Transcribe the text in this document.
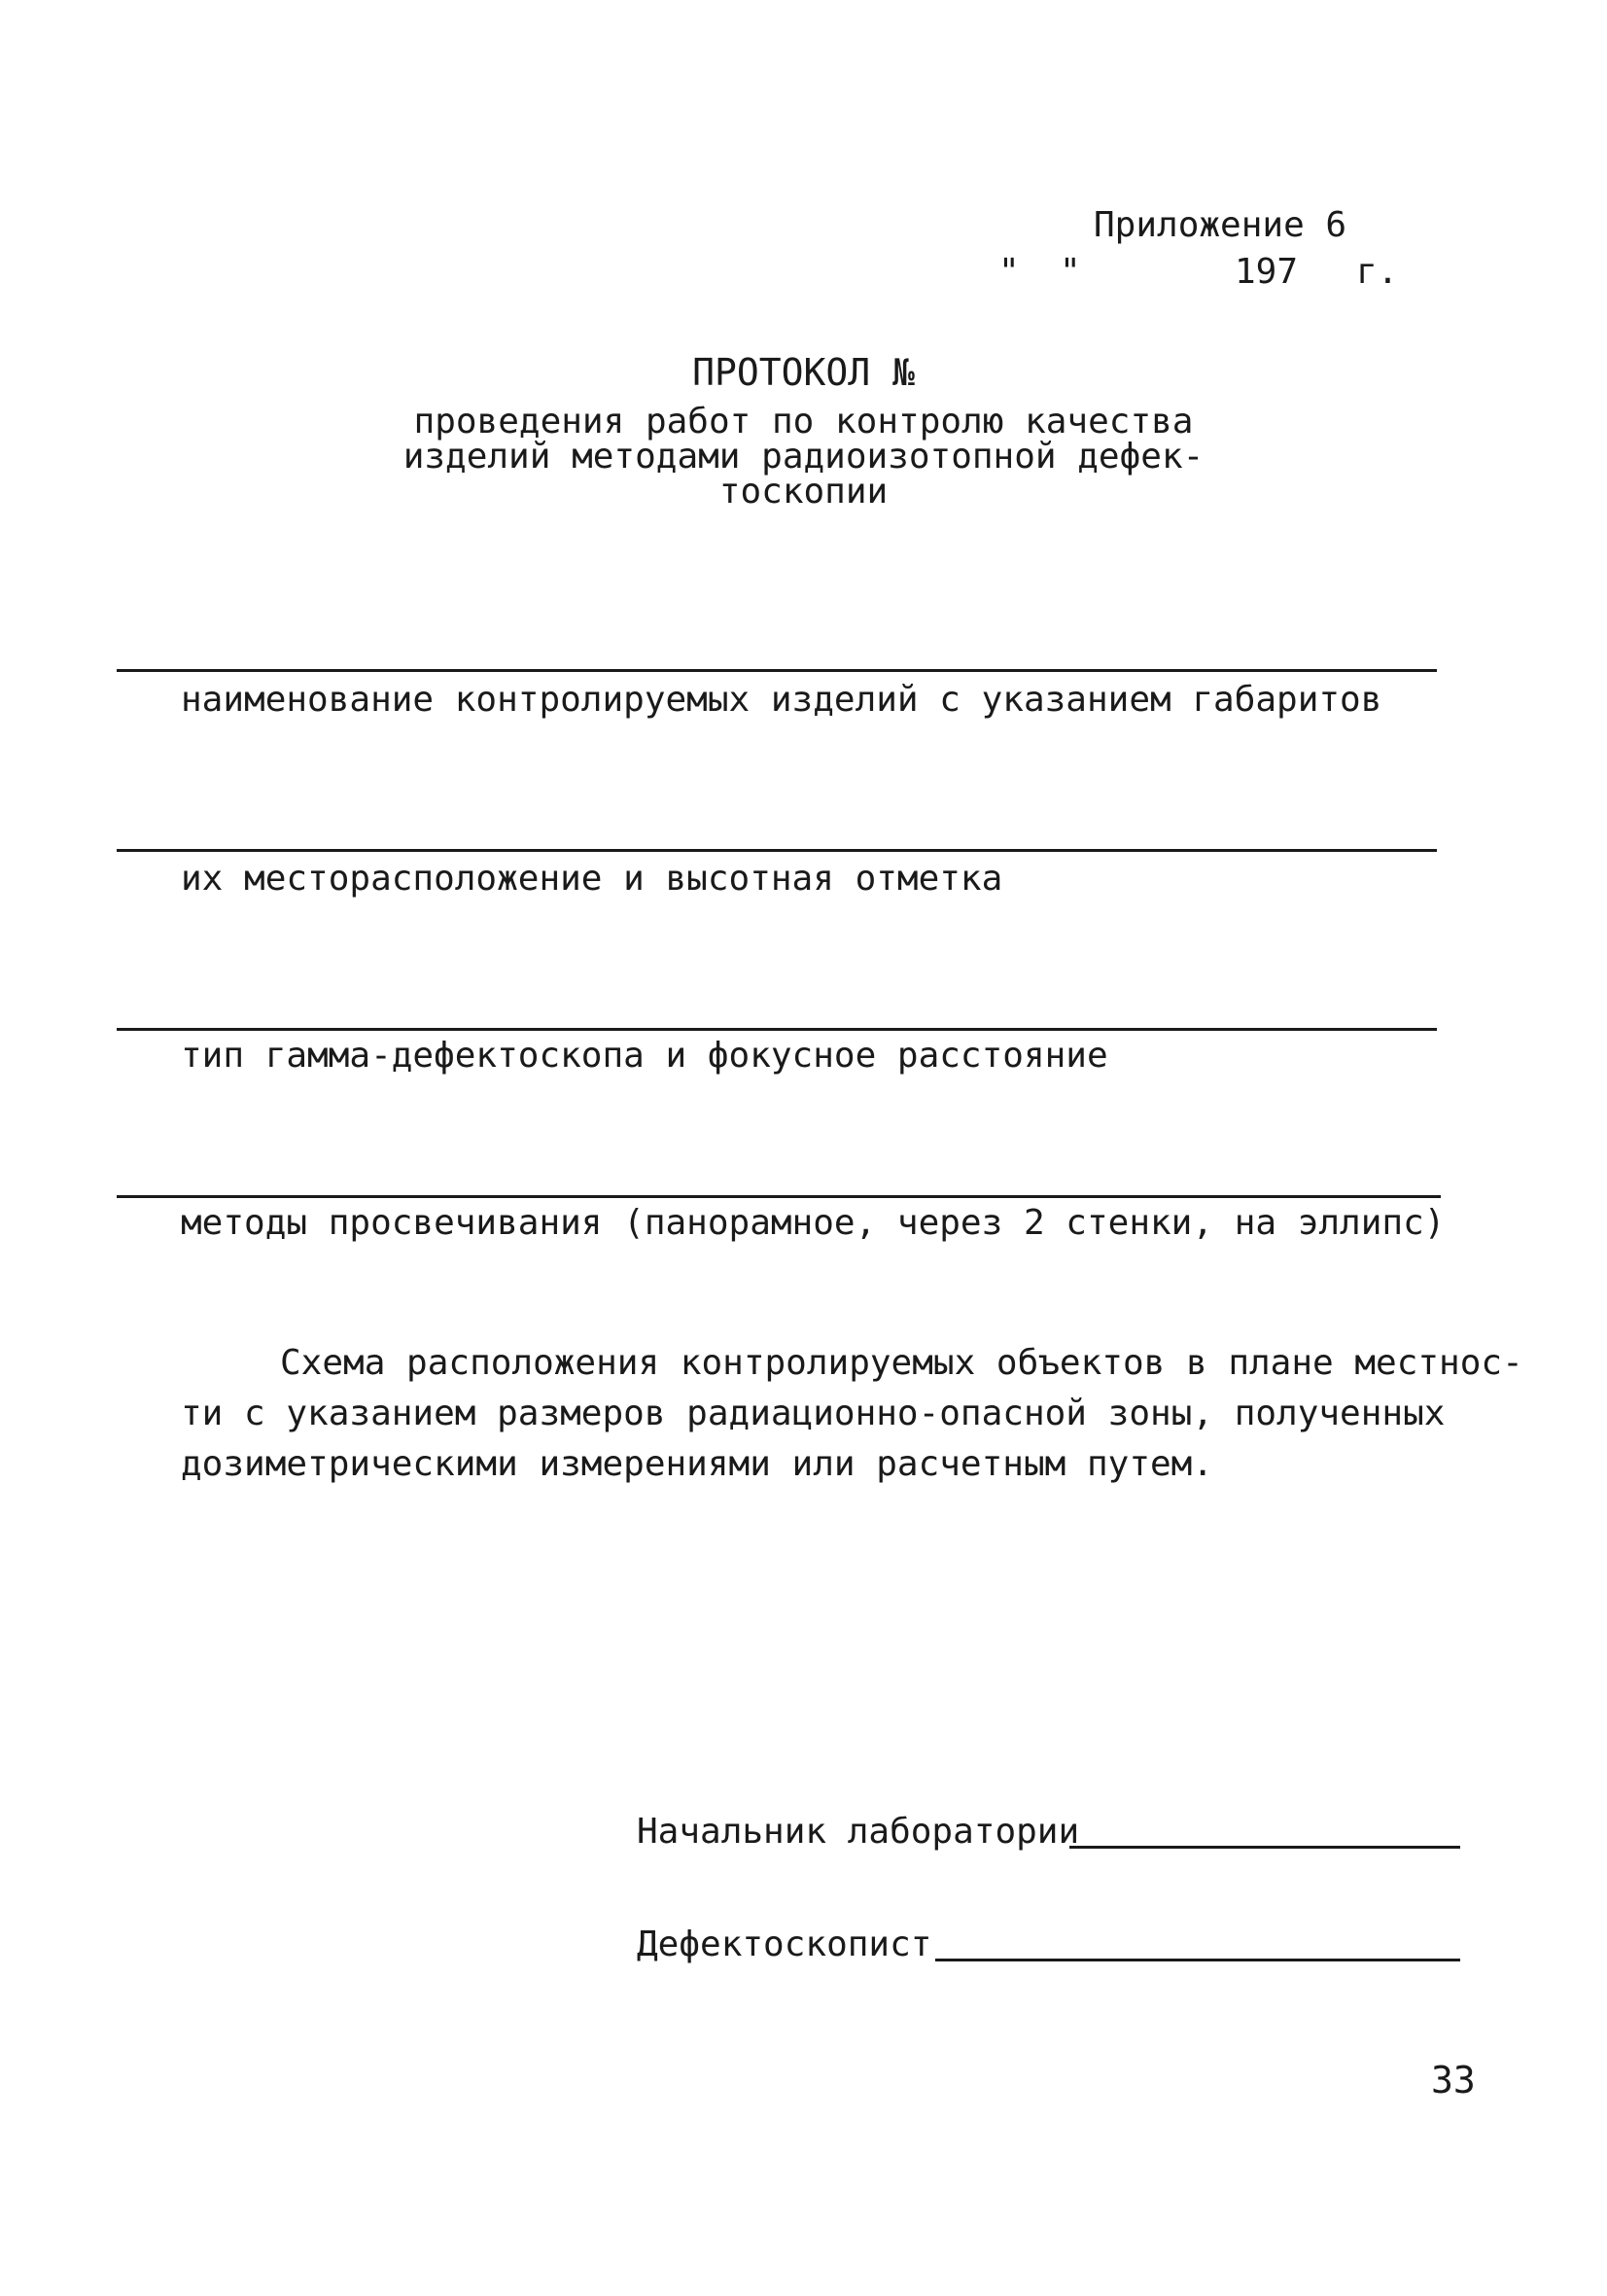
Приложение 6
" "	197 г.
ПРОТОКОЛ №
проведения работ по контролю качества
изделий методами радиоизотопной дефек-
тоскопии
наименование контролируемых изделий с указанием габаритов
их месторасположение и высотная отметка
тип гамма-дефектоскопа и фокусное расстояние
методы просвечивания (панорамное, через 2 стенки, на эллипс)
Схема расположения контролируемых объектов в плане местнос-
ти с указанием размеров радиационно-опасной зоны, полученных
дозиметрическими измерениями или расчетным путем.
Начальник лаборатории
Дефектоскопист
33
